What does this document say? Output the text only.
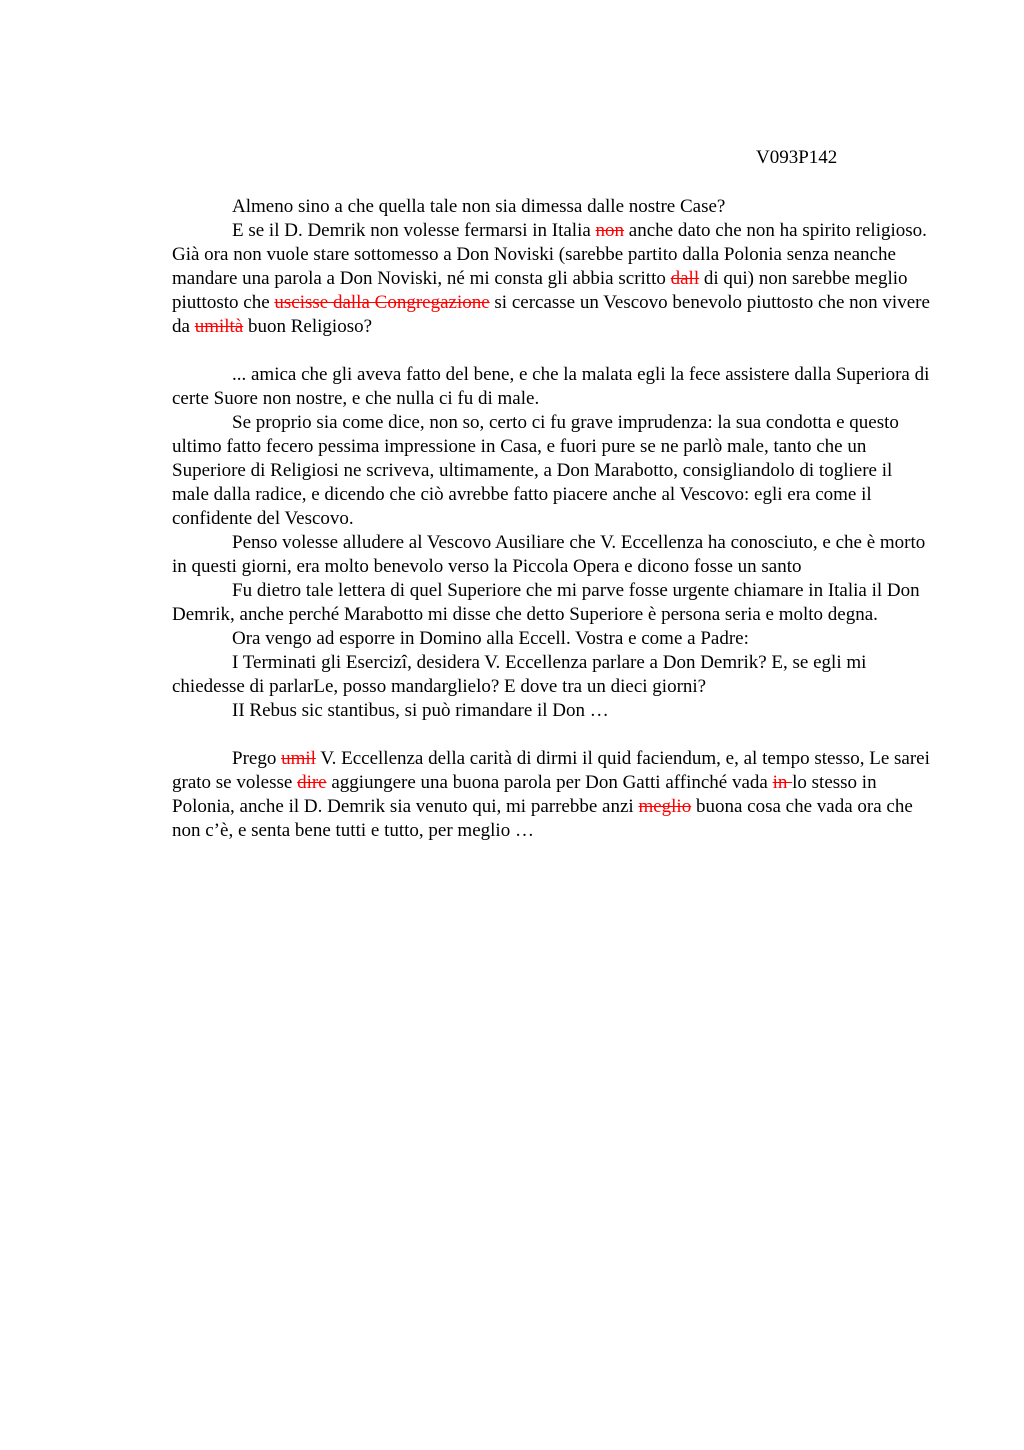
V093P142

Almeno sino a che quella tale non sia dimessa dalle nostre Case?

E se il D. Demrik non volesse fermarsi in Italia non anche dato che non ha spirito religioso. Già ora non vuole stare sottomesso a Don Noviski (sarebbe partito dalla Polonia senza neanche mandare una parola a Don Noviski, né mi consta gli abbia scritto dall di qui) non sarebbe meglio piuttosto che uscisse dalla Congregazione si cercasse un Vescovo benevolo piuttosto che non vivere da umiltà buon Religioso?

... amica che gli aveva fatto del bene, e che la malata egli la fece assistere dalla Superiora di certe Suore non nostre, e che nulla ci fu di male.

Se proprio sia come dice, non so, certo ci fu grave imprudenza: la sua condotta e questo ultimo fatto fecero pessima impressione in Casa, e fuori pure se ne parlò male, tanto che un Superiore di Religiosi ne scriveva, ultimamente, a Don Marabotto, consigliandolo di togliere il male dalla radice, e dicendo che ciò avrebbe fatto piacere anche al Vescovo: egli era come il confidente del Vescovo.

Penso volesse alludere al Vescovo Ausiliare che V. Eccellenza ha conosciuto, e che è morto in questi giorni, era molto benevolo verso la Piccola Opera e dicono fosse un santo

Fu dietro tale lettera di quel Superiore che mi parve fosse urgente chiamare in Italia il Don Demrik, anche perché Marabotto mi disse che detto Superiore è persona seria e molto degna.

Ora vengo ad esporre in Domino alla Eccell. Vostra e come a Padre:

I Terminati gli Esercizi, desidera V. Eccellenza parlare a Don Demrik? E, se egli mi chiedesse di parlarLe, posso mandarglielo? E dove tra un dieci giorni?

II Rebus sic stantibus, si può rimandare il Don …

Prego umil V. Eccellenza della carità di dirmi il quid faciendum, e, al tempo stesso, Le sarei grato se volesse dire aggiungere una buona parola per Don Gatti affinché vada in lo stesso in Polonia, anche il D. Demrik sia venuto qui, mi parrebbe anzi meglio buona cosa che vada ora che non c’è, e senta bene tutti e tutto, per meglio …
